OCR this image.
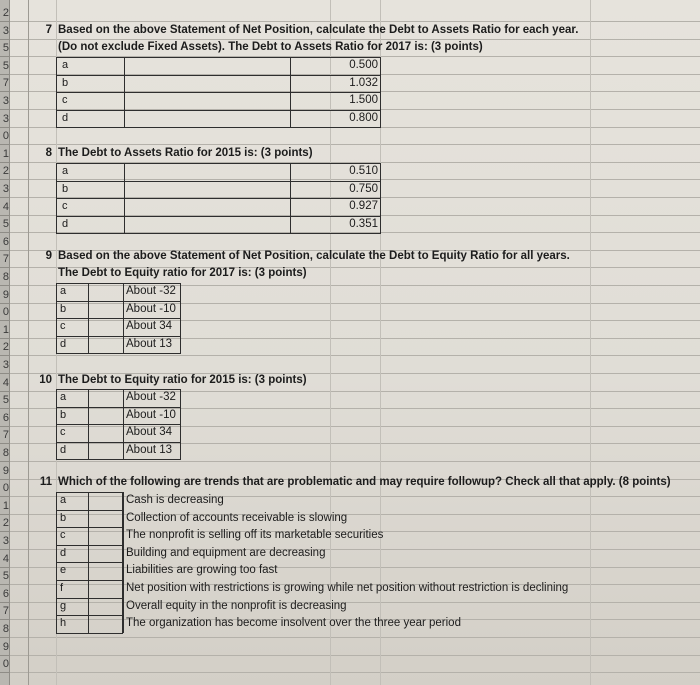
2
3
5
5
7
3
3
0
1
2
3
4
5
6
7
8
9
0
1
2
3
4
5
6
7
8
9
0
1
2
3
4
5
6
7
8
9
0
7 Based on the above Statement of Net Position, calculate the Debt to Assets Ratio for each year.
(Do not exclude Fixed Assets). The Debt to Assets Ratio for 2017 is: (3 points)
a	0.500
b	1.032
c	1.500
d	0.800
8 The Debt to Assets Ratio for 2015 is: (3 points)
a	0.510
b	0.750
c	0.927
d	0.351
9 Based on the above Statement of Net Position, calculate the Debt to Equity Ratio for all years.
The Debt to Equity ratio for 2017 is: (3 points)
a	About -32
b	About -10
c	About 34
d	About 13
10 The Debt to Equity ratio for 2015 is: (3 points)
a	About -32
b	About -10
c	About 34
d	About 13
11 Which of the following are trends that are problematic and may require followup? Check all that apply. (8 points)
a	Cash is decreasing
b	Collection of accounts receivable is slowing
c	The nonprofit is selling off its marketable securities
d	Building and equipment are decreasing
e	Liabilities are growing too fast
f	Net position with restrictions is growing while net position without restriction is declining
g	Overall equity in the nonprofit is decreasing
h	The organization has become insolvent over the three year period
